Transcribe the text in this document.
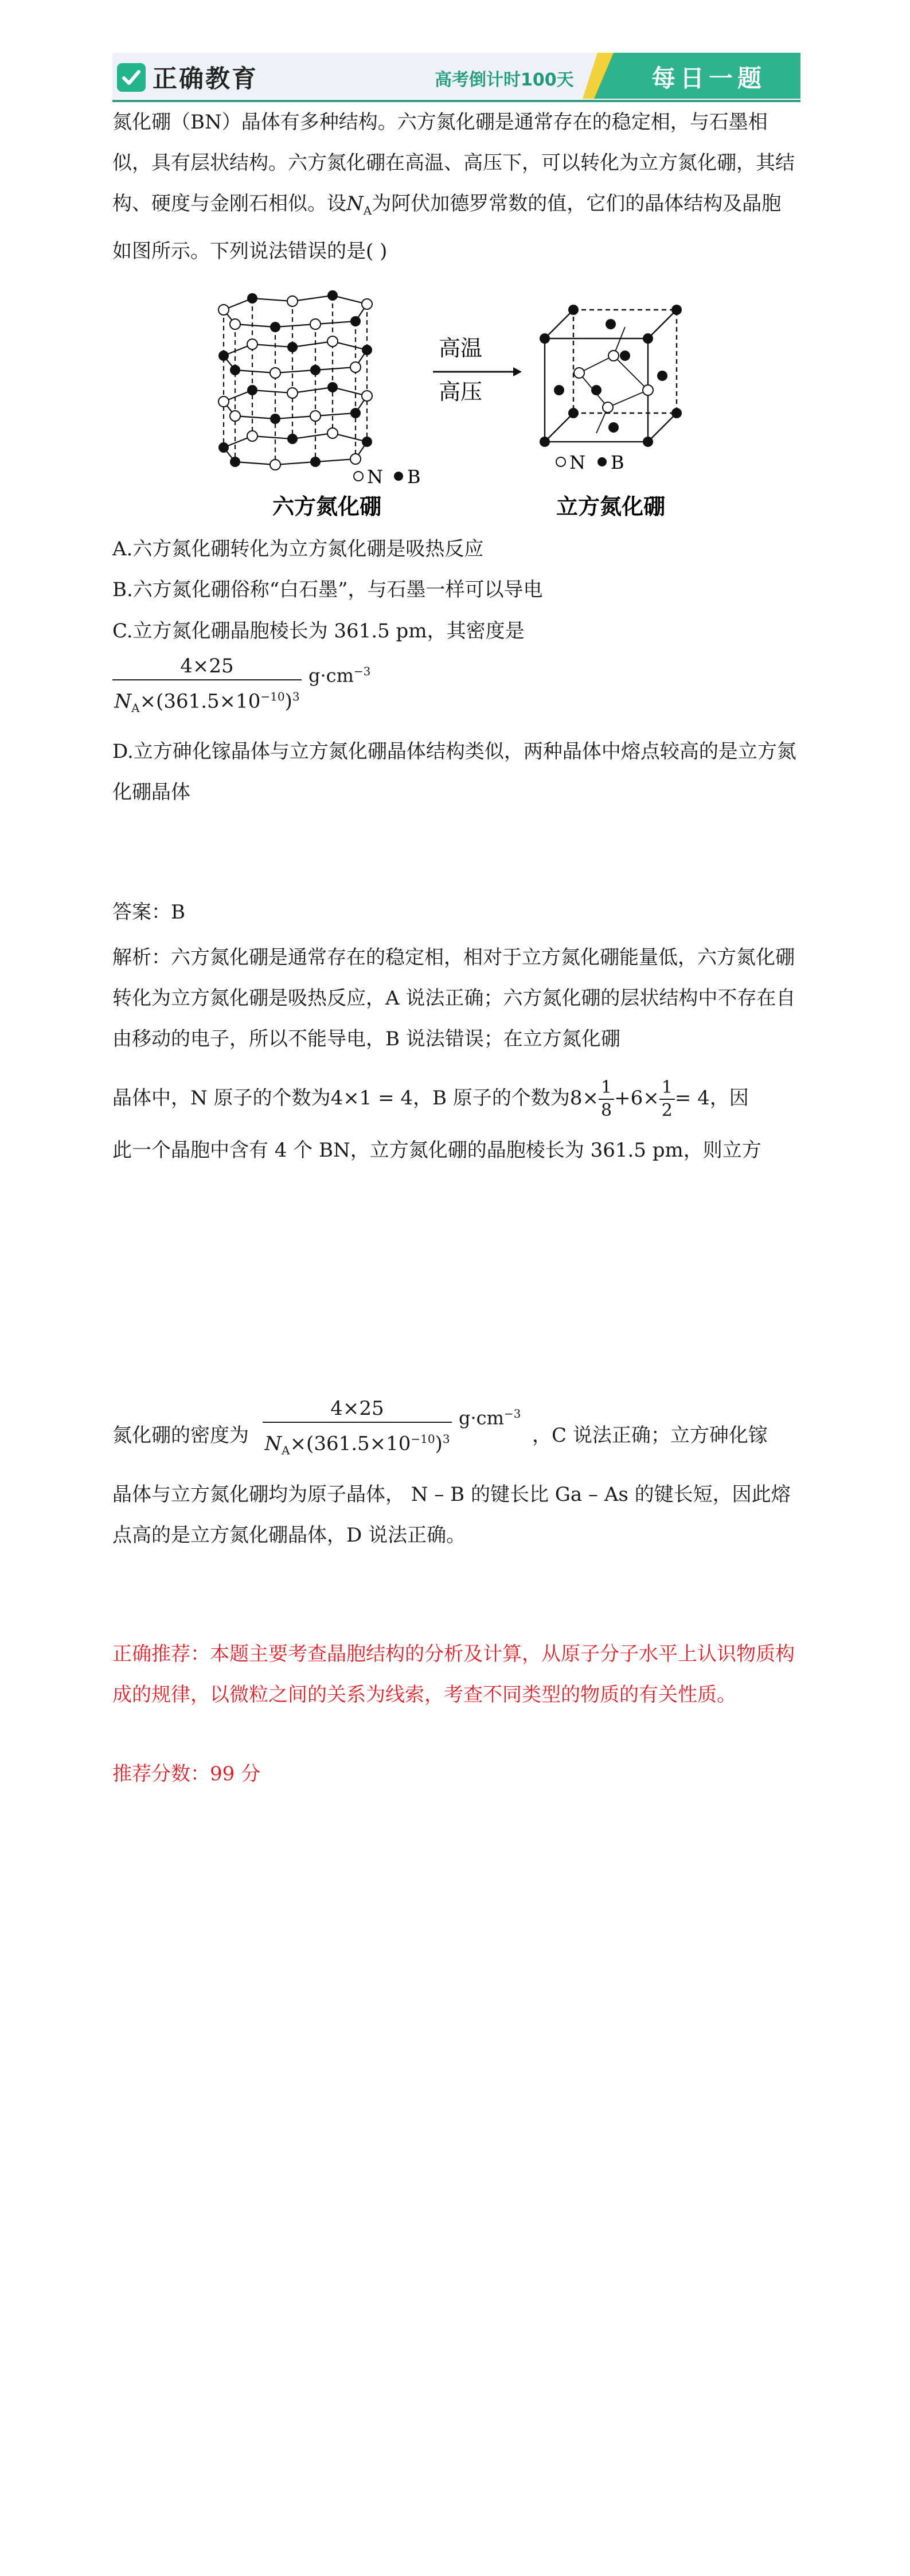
正确教育	高考倒计时100天	每日一题

氮化硼（BN）晶体有多种结构。六方氮化硼是通常存在的稳定相，与石墨相似，具有层状结构。六方氮化硼在高温、高压下，可以转化为立方氮化硼，其结构、硬度与金刚石相似。设$N_A$为阿伏加德罗常数的值，它们的晶体结构及晶胞如图所示。下列说法错误的是( )

N B
六方氮化硼
高温
高压
N B
立方氮化硼

A.六方氮化硼转化为立方氮化硼是吸热反应

B.六方氮化硼俗称“白石墨”，与石墨一样可以导电

C.立方氮化硼晶胞棱长为 361.5 pm，其密度是

4×25
$N_A\times(361.5\times 10^{-10})^3$
$g\cdot cm^{-3}$

D.立方砷化镓晶体与立方氮化硼晶体结构类似，两种晶体中熔点较高的是立方氮化硼晶体

答案：B

解析：六方氮化硼是通常存在的稳定相，相对于立方氮化硼能量低，六方氮化硼转化为立方氮化硼是吸热反应，A 说法正确；六方氮化硼的层状结构中不存在自由移动的电子，所以不能导电，B 说法错误；在立方氮化硼

晶体中，N 原子的个数为4×1 = 4，B 原子的个数为$8\times \frac{1}{8} +6\times \frac{1}{2} = 4$，因

此一个晶胞中含有 4 个 BN，立方氮化硼的晶胞棱长为 361.5 pm，则立方

氮化硼的密度为

4×25
$N_A\times(361.5\times 10^{-10})^3$
$g\cdot cm^{-3}$

，C 说法正确；立方砷化镓

晶体与立方氮化硼均为原子晶体， N – B 的键长比 Ga – As 的键长短，因此熔点高的是立方氮化硼晶体，D 说法正确。

正确推荐：本题主要考查晶胞结构的分析及计算，从原子分子水平上认识物质构成的规律，以微粒之间的关系为线索，考查不同类型的物质的有关性质。

推荐分数：99 分
